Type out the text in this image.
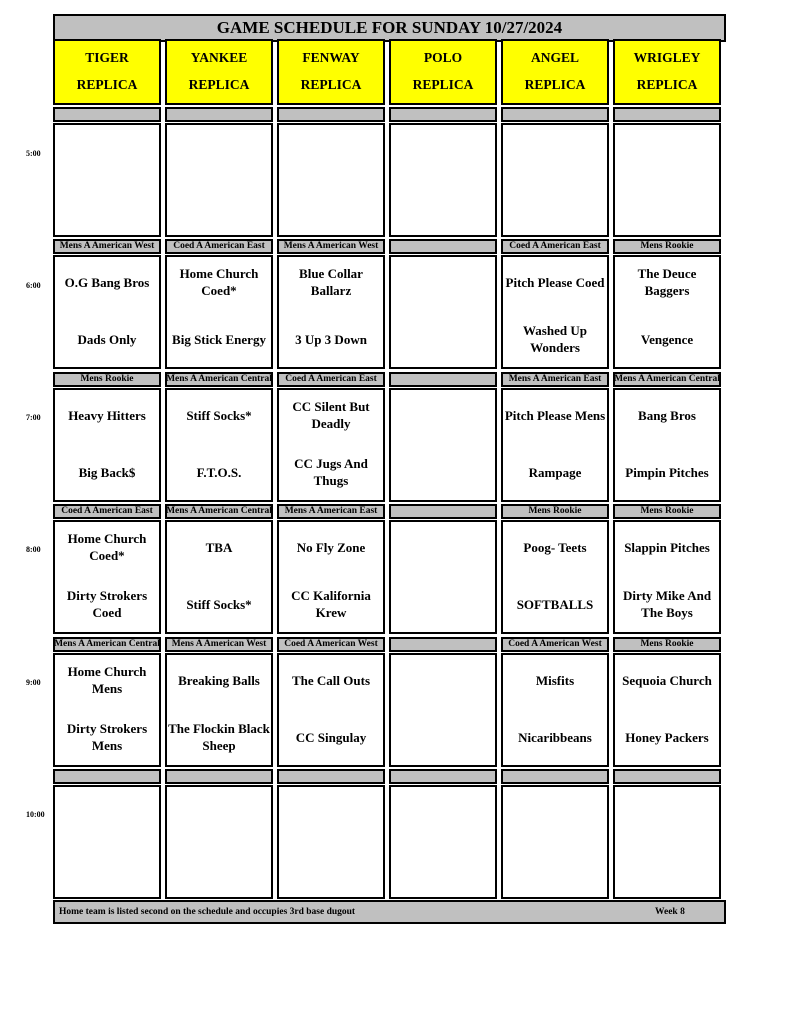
GAME SCHEDULE FOR SUNDAY 10/27/2024
Home team is listed second on the schedule and occupies 3rd base dugout	Week 8
TIGER
REPLICA
YANKEE
REPLICA
FENWAY
REPLICA
POLO
REPLICA
ANGEL
REPLICA
WRIGLEY
REPLICA
5:00
6:00
Mens A American West
O.G Bang Bros
Dads Only
Coed A American East
Home Church Coed*
Big Stick Energy
Mens A American West
Blue Collar Ballarz
3 Up 3 Down
Coed A American East
Pitch Please Coed
Washed Up Wonders
Mens Rookie
The Deuce Baggers
Vengence
7:00
Mens Rookie
Heavy Hitters
Big Back$
Mens A American Central
Stiff Socks*
F.T.O.S.
Coed A American East
CC Silent But Deadly
CC Jugs And Thugs
Mens A American East
Pitch Please Mens
Rampage
Mens A American Central
Bang Bros
Pimpin Pitches
8:00
Coed A American East
Home Church Coed*
Dirty Strokers Coed
Mens A American Central
TBA
Stiff Socks*
Mens A American East
No Fly Zone
CC Kalifornia Krew
Mens Rookie
Poog- Teets
SOFTBALLS
Mens Rookie
Slappin Pitches
Dirty Mike And The Boys
9:00
Mens A American Central
Home Church Mens
Dirty Strokers Mens
Mens A American West
Breaking Balls
The Flockin Black Sheep
Coed A American West
The Call Outs
CC Singulay
Coed A American West
Misfits
Nicaribbeans
Mens Rookie
Sequoia Church
Honey Packers
10:00
